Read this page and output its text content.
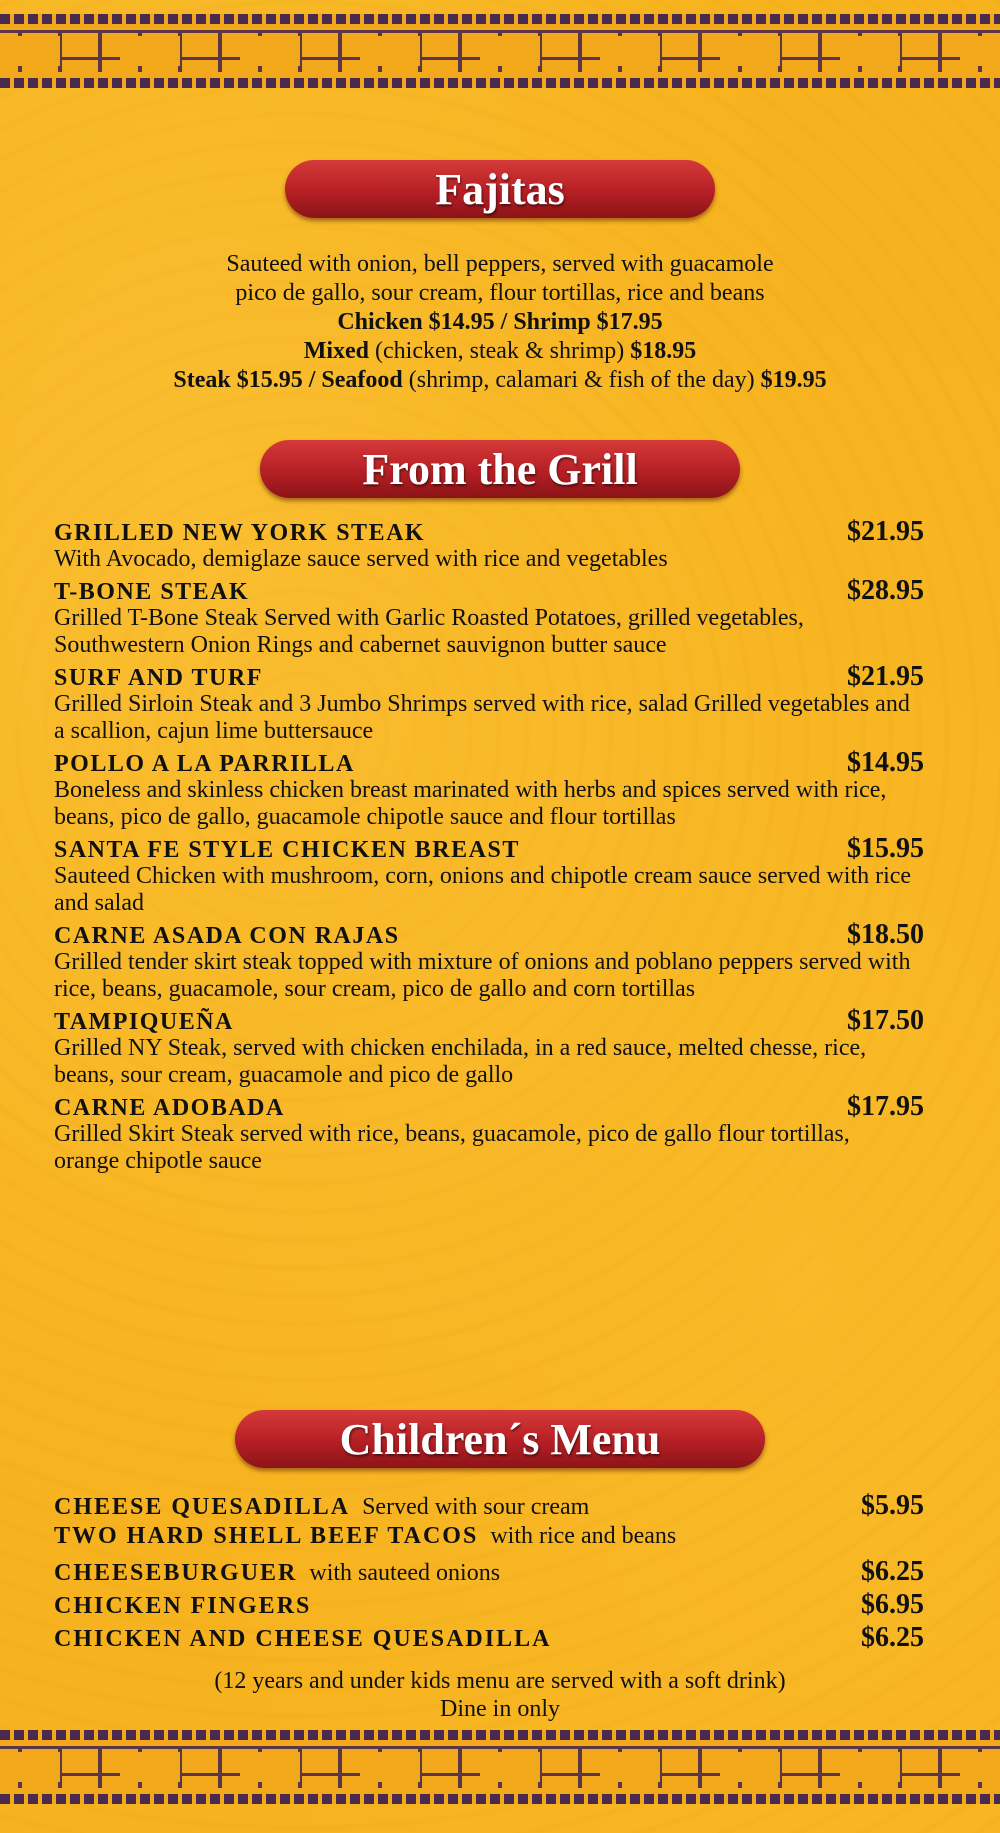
Fajitas
Sauteed with onion, bell peppers, served with guacamole
pico de gallo, sour cream, flour tortillas, rice and beans
Chicken $14.95 / Shrimp $17.95
Mixed (chicken, steak & shrimp) $18.95
Steak $15.95 / Seafood (shrimp, calamari & fish of the day) $19.95
From the Grill
GRILLED NEW YORK STEAK	$21.95
With Avocado, demiglaze sauce served with rice and vegetables
T-BONE STEAK	$28.95
Grilled T-Bone Steak Served with Garlic Roasted Potatoes, grilled vegetables, Southwestern Onion Rings and cabernet sauvignon butter sauce
SURF AND TURF	$21.95
Grilled Sirloin Steak and 3 Jumbo Shrimps served with rice, salad Grilled vegetables and a scallion, cajun lime buttersauce
POLLO A LA PARRILLA	$14.95
Boneless and skinless chicken breast marinated with herbs and spices served with rice, beans, pico de gallo, guacamole chipotle sauce and flour tortillas
SANTA FE STYLE CHICKEN BREAST	$15.95
Sauteed Chicken with mushroom, corn, onions and chipotle cream sauce served with rice and salad
CARNE ASADA CON RAJAS	$18.50
Grilled tender skirt steak topped with mixture of onions and poblano peppers served with rice, beans, guacamole, sour cream, pico de gallo and corn tortillas
TAMPIQUEÑA	$17.50
Grilled NY Steak, served with chicken enchilada, in a red sauce, melted chesse, rice, beans, sour cream, guacamole and pico de gallo
CARNE ADOBADA	$17.95
Grilled Skirt Steak served with rice, beans, guacamole, pico de gallo flour tortillas, orange chipotle sauce
Children´s Menu
CHEESE QUESADILLA Served with sour cream	$5.95
TWO HARD SHELL BEEF TACOS with rice and beans
CHEESEBURGUER with sauteed onions	$6.25
CHICKEN FINGERS	$6.95
CHICKEN AND CHEESE QUESADILLA	$6.25
(12 years and under kids menu are served with a soft drink)
Dine in only
